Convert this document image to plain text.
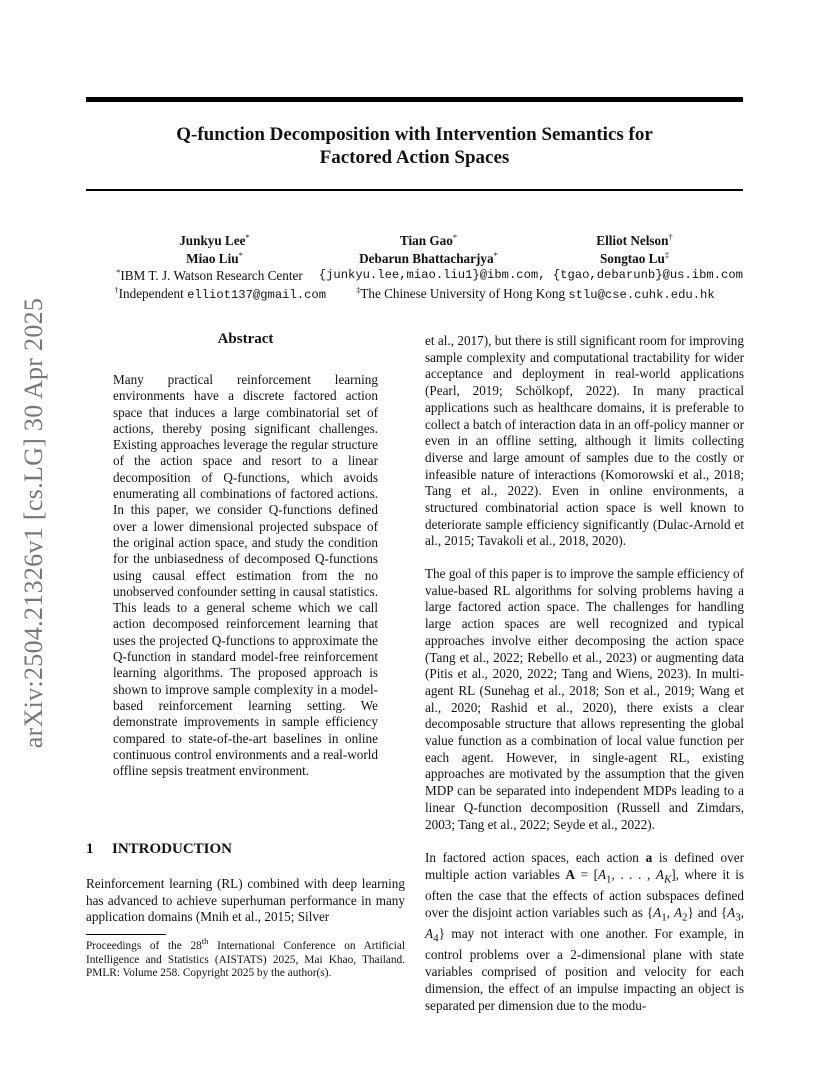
arXiv:2504.21326v1 [cs.LG] 30 Apr 2025
Q-function Decomposition with Intervention Semantics for
Factored Action Spaces
Junkyu Lee*	Tian Gao*	Elliot Nelson†
Miao Liu*	Debarun Bhattacharjya*	Songtao Lu‡
*IBM T. J. Watson Research Center {junkyu.lee,miao.liu1}@ibm.com, {tgao,debarunb}@us.ibm.com
†Independent elliot137@gmail.com	‡The Chinese University of Hong Kong stlu@cse.cuhk.edu.hk
Abstract

Many practical reinforcement learning environments have a discrete factored action space that induces a large combinatorial set of actions, thereby posing significant challenges. Existing approaches leverage the regular structure of the action space and resort to a linear decomposition of Q-functions, which avoids enumerating all combinations of factored actions. In this paper, we consider Q-functions defined over a lower dimensional projected subspace of the original action space, and study the condition for the unbiasedness of decomposed Q-functions using causal effect estimation from the no unobserved confounder setting in causal statistics. This leads to a general scheme which we call action decomposed reinforcement learning that uses the projected Q-functions to approximate the Q-function in standard model-free reinforcement learning algorithms. The proposed approach is shown to improve sample complexity in a model-based reinforcement learning setting. We demonstrate improvements in sample efficiency compared to state-of-the-art baselines in online continuous control environments and a real-world offline sepsis treatment environment.

1 INTRODUCTION

Reinforcement learning (RL) combined with deep learning has advanced to achieve superhuman performance in many application domains (Mnih et al., 2015; Silver

Proceedings of the 28th International Conference on Artificial Intelligence and Statistics (AISTATS) 2025, Mai Khao, Thailand. PMLR: Volume 258. Copyright 2025 by the author(s).

et al., 2017), but there is still significant room for improving sample complexity and computational tractability for wider acceptance and deployment in real-world applications (Pearl, 2019; Schölkopf, 2022). In many practical applications such as healthcare domains, it is preferable to collect a batch of interaction data in an off-policy manner or even in an offline setting, although it limits collecting diverse and large amount of samples due to the costly or infeasible nature of interactions (Komorowski et al., 2018; Tang et al., 2022). Even in online environments, a structured combinatorial action space is well known to deteriorate sample efficiency significantly (Dulac-Arnold et al., 2015; Tavakoli et al., 2018, 2020).

The goal of this paper is to improve the sample efficiency of value-based RL algorithms for solving problems having a large factored action space. The challenges for handling large action spaces are well recognized and typical approaches involve either decomposing the action space (Tang et al., 2022; Rebello et al., 2023) or augmenting data (Pitis et al., 2020, 2022; Tang and Wiens, 2023). In multi-agent RL (Sunehag et al., 2018; Son et al., 2019; Wang et al., 2020; Rashid et al., 2020), there exists a clear decomposable structure that allows representing the global value function as a combination of local value function per each agent. However, in single-agent RL, existing approaches are motivated by the assumption that the given MDP can be separated into independent MDPs leading to a linear Q-function decomposition (Russell and Zimdars, 2003; Tang et al., 2022; Seyde et al., 2022).

In factored action spaces, each action a is defined over multiple action variables $A = [A_1$, . . . , $A_K$], where it is often the case that the effects of action subspaces defined over the disjoint action variables such as {$A_1$, $A_2$} and {$A_3$, $A_4$} may not interact with one another. For example, in control problems over a 2-dimensional plane with state variables comprised of position and velocity for each dimension, the effect of an impulse impacting an object is separated per dimension due to the modu-
